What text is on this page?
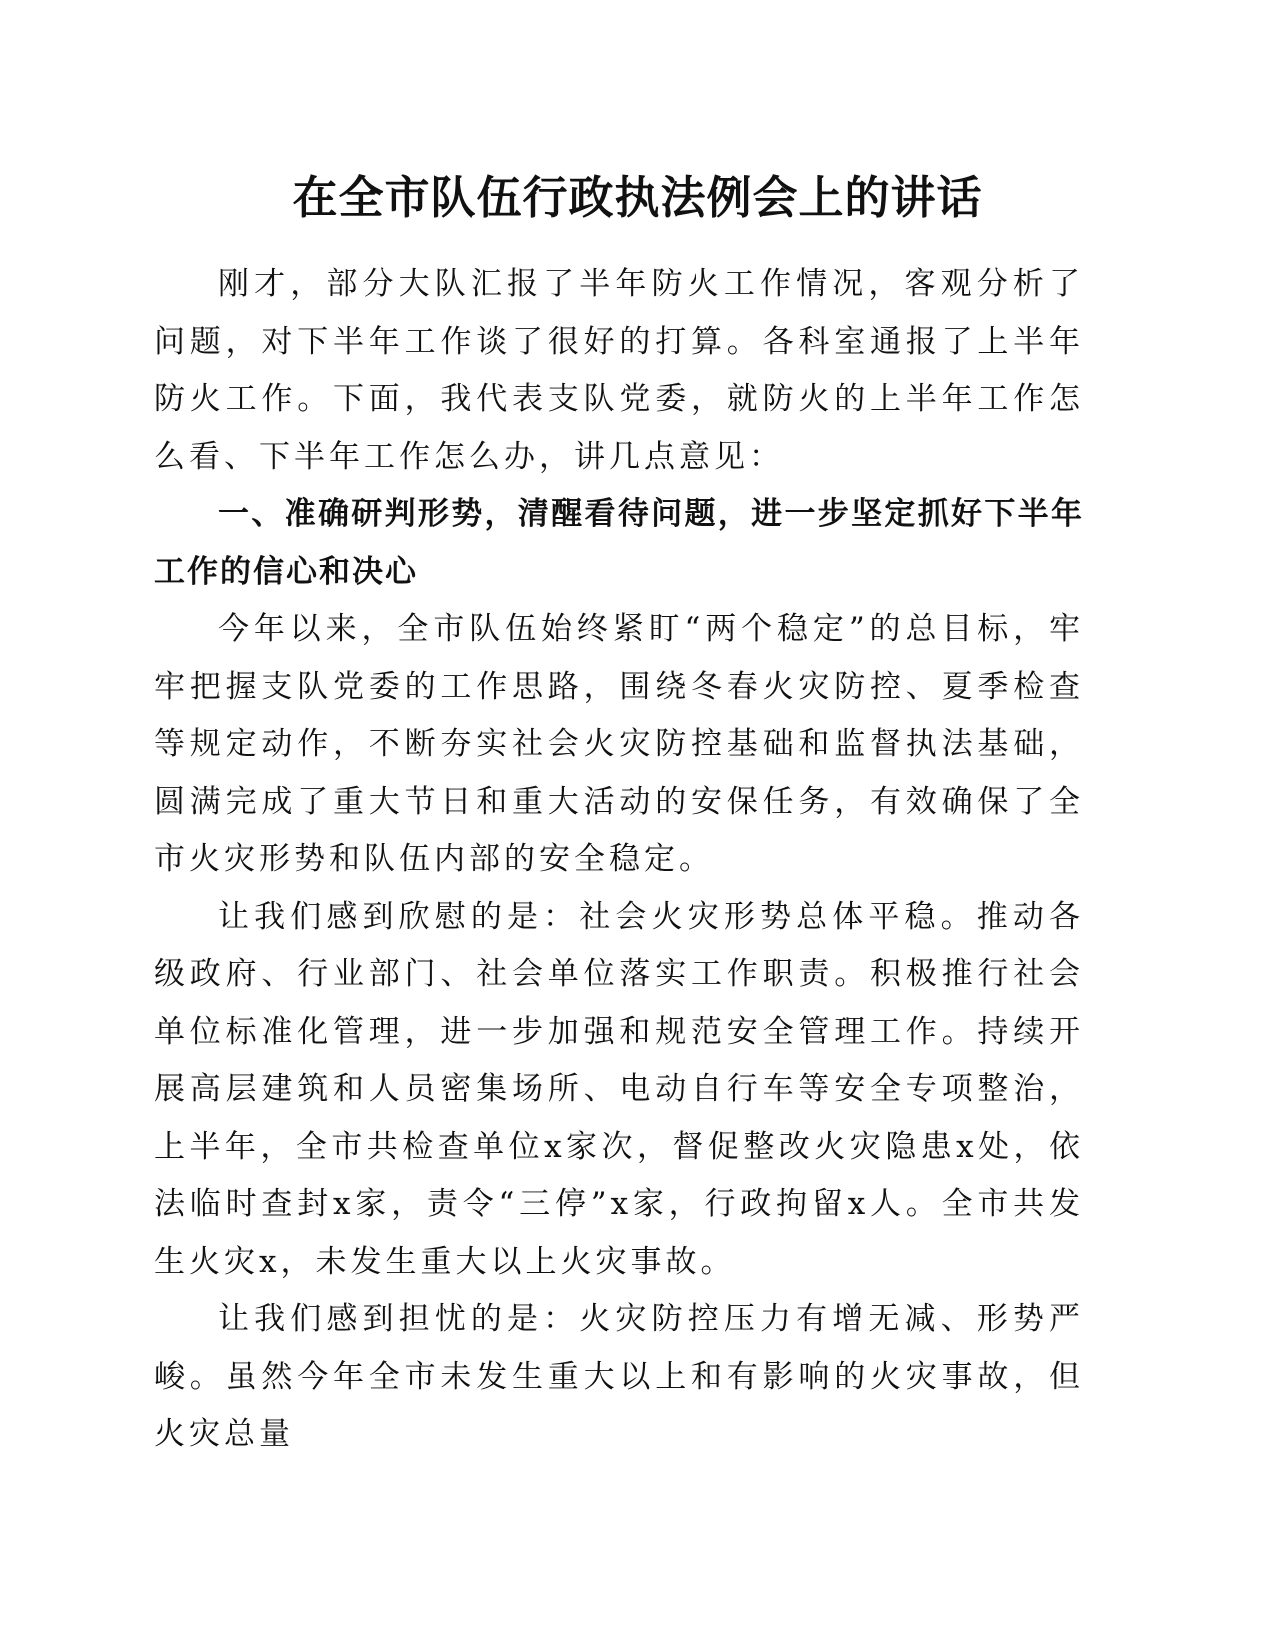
在全市队伍行政执法例会上的讲话

刚才，部分大队汇报了半年防火工作情况，客观分析了问题，对下半年工作谈了很好的打算。各科室通报了上半年防火工作。下面，我代表支队党委，就防火的上半年工作怎么看、下半年工作怎么办，讲几点意见：

一、准确研判形势，清醒看待问题，进一步坚定抓好下半年工作的信心和决心

今年以来，全市队伍始终紧盯“两个稳定”的总目标，牢牢把握支队党委的工作思路，围绕冬春火灾防控、夏季检查等规定动作，不断夯实社会火灾防控基础和监督执法基础，圆满完成了重大节日和重大活动的安保任务，有效确保了全市火灾形势和队伍内部的安全稳定。

让我们感到欣慰的是：社会火灾形势总体平稳。推动各级政府、行业部门、社会单位落实工作职责。积极推行社会单位标准化管理，进一步加强和规范安全管理工作。持续开展高层建筑和人员密集场所、电动自行车等安全专项整治，上半年，全市共检查单位x家次，督促整改火灾隐患x处，依法临时查封x家，责令“三停”x家，行政拘留x人。全市共发生火灾x，未发生重大以上火灾事故。

让我们感到担忧的是：火灾防控压力有增无减、形势严峻。虽然今年全市未发生重大以上和有影响的火灾事故，但火灾总量
